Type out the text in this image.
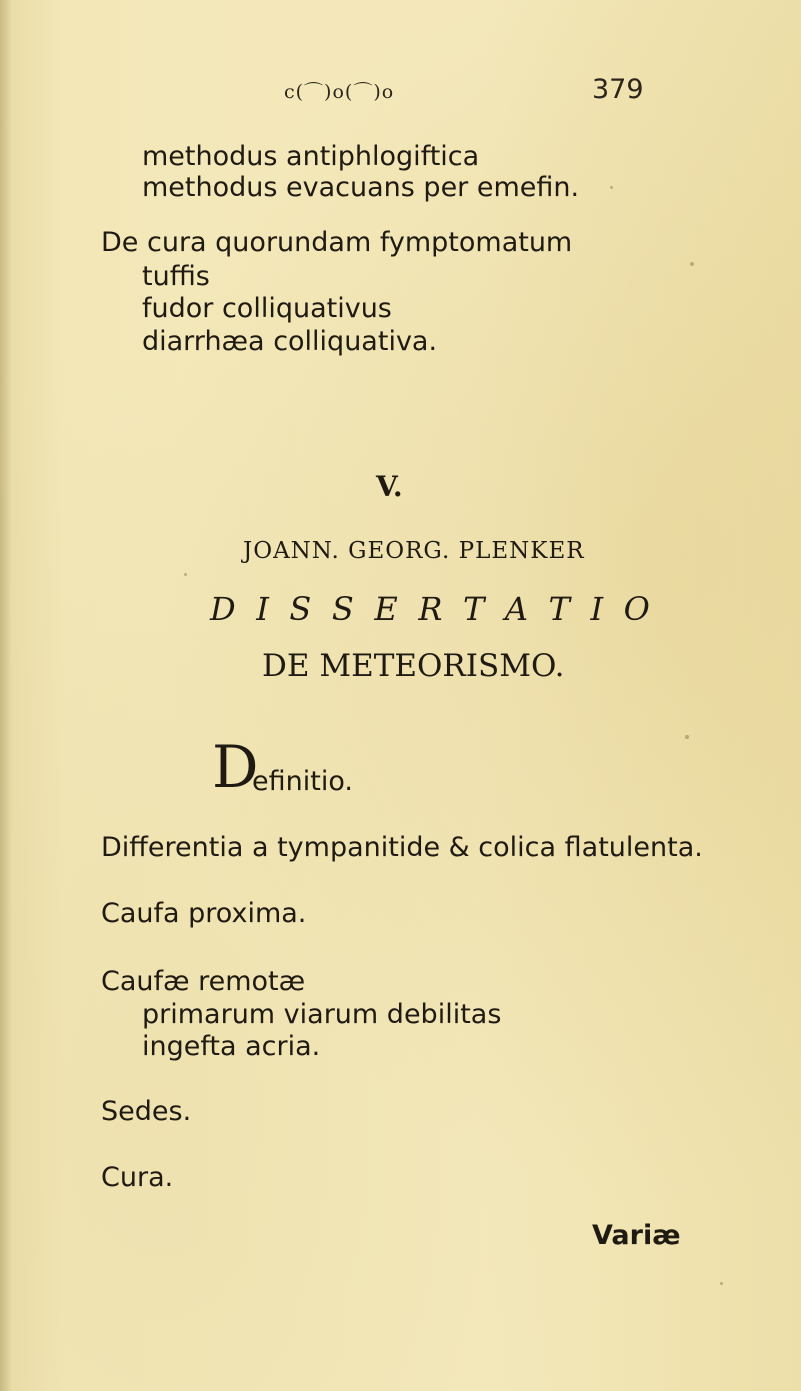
c(⌒)o(⌒)o	379
methodus antiphlogiftica
methodus evacuans per emefin.
De cura quorundam fymptomatum
tuffis
fudor colliquativus
diarrhæa colliquativa.
V.
JOANN. GEORG. PLENKER
D I S S E R T A T I O
DE METEORISMO.
D
efinitio.
Differentia a tympanitide & colica flatulenta.
Caufa proxima.
Caufæ remotæ
primarum viarum debilitas
ingefta acria.
Sedes.
Cura.
Variæ
